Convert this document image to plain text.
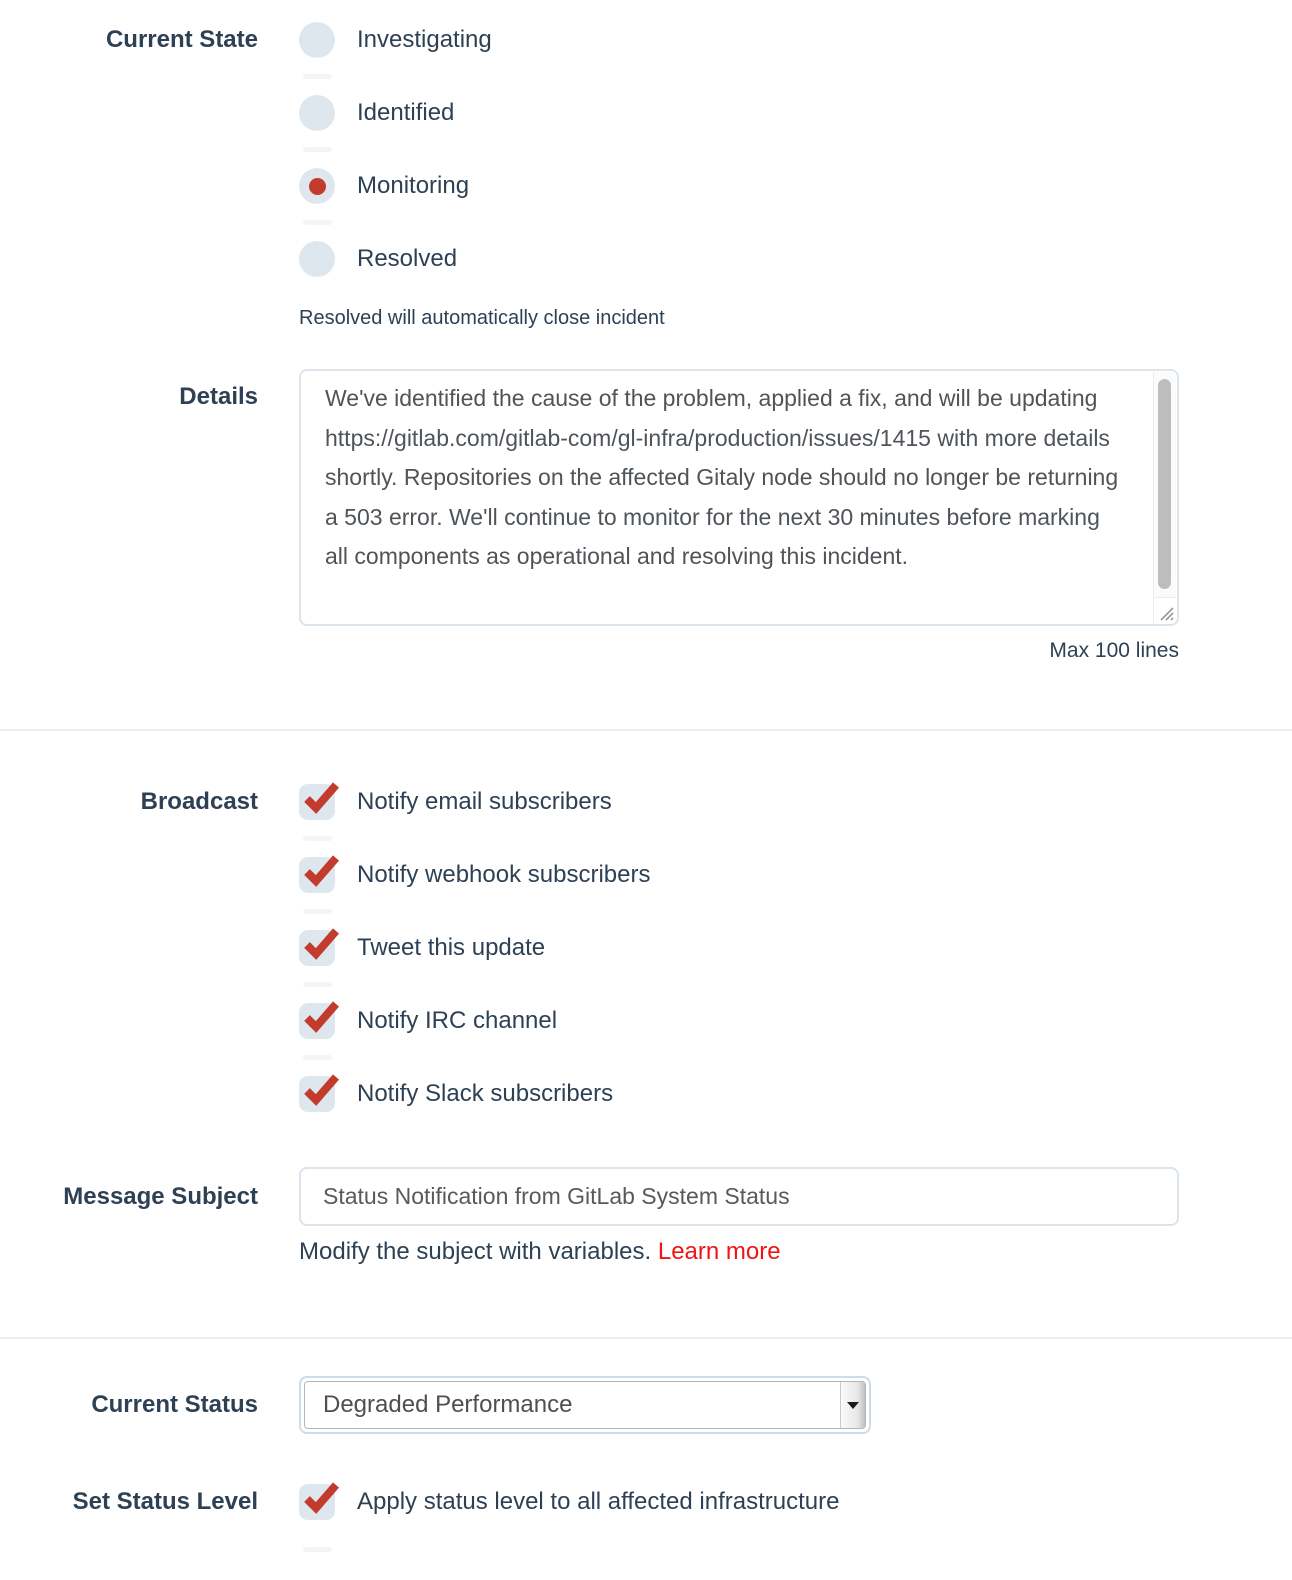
Current State	Investigating
Identified
Monitoring
Resolved
Resolved will automatically close incident
Details	We've identified the cause of the problem, applied a fix, and will be updating https://gitlab.com/gitlab-com/gl-infra/production/issues/1415 with more details shortly. Repositories on the affected Gitaly node should no longer be returning a 503 error. We'll continue to monitor for the next 30 minutes before marking all components as operational and resolving this incident.
Max 100 lines
Broadcast	Notify email subscribers
Notify webhook subscribers
Tweet this update
Notify IRC channel
Notify Slack subscribers
Message Subject
Status Notification from GitLab System Status
Modify the subject with variables. Learn more
Current Status	Degraded Performance
Set Status Level	Apply status level to all affected infrastructure
